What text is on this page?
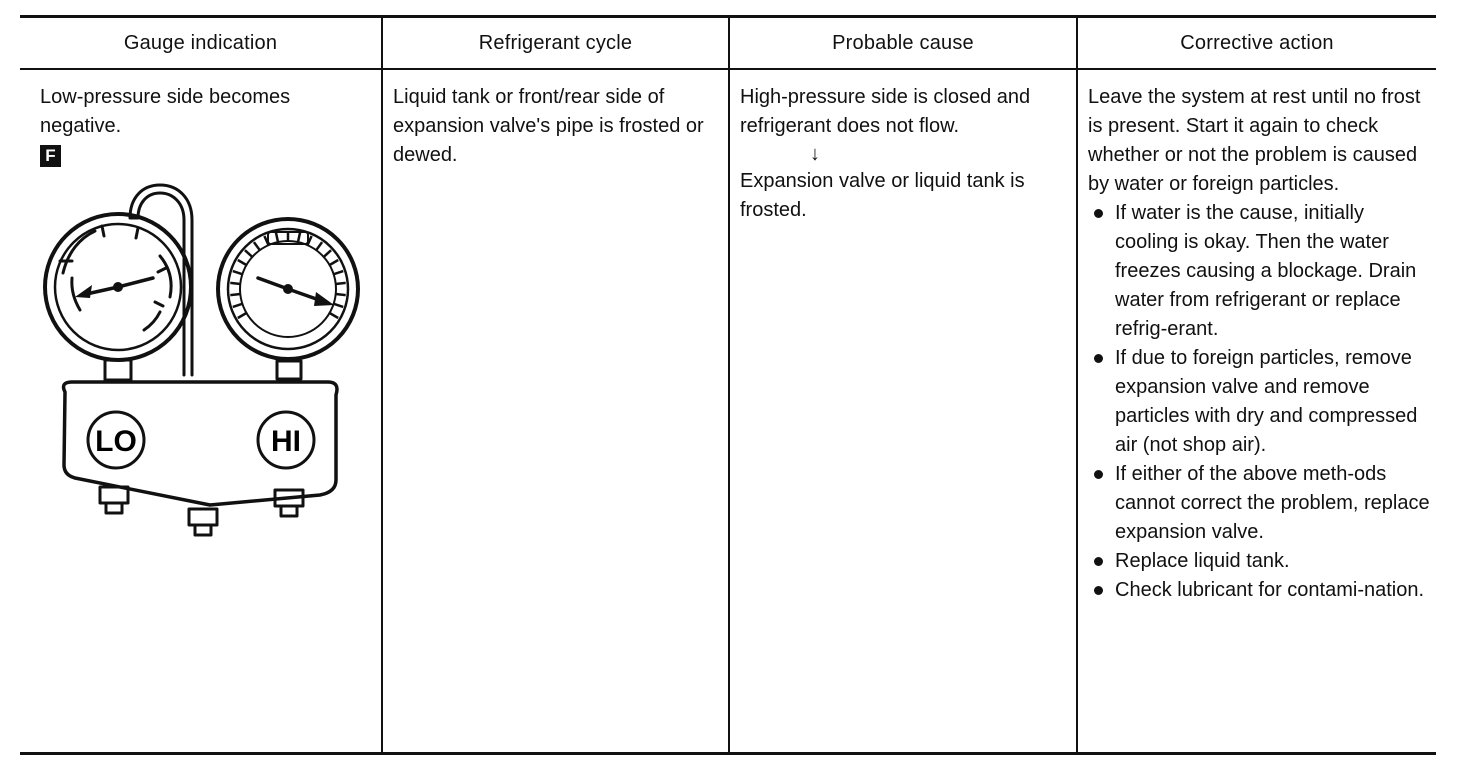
Gauge indication
Low-pressure side becomes negative.
F
Refrigerant cycle
Liquid tank or front/rear side of expansion valve's pipe is frosted or dewed.
Probable cause
High-pressure side is closed and refrigerant does not flow.
↓
Expansion valve or liquid tank is frosted.
Corrective action
Leave the system at rest until no frost is present. Start it again to check whether or not the problem is caused by water or foreign particles.
If water is the cause, initially cooling is okay. Then the water freezes causing a blockage. Drain water from refrigerant or replace refrig-erant.
If due to foreign particles, remove expansion valve and remove particles with dry and compressed air (not shop air).
If either of the above meth-ods cannot correct the problem, replace expansion valve.
Replace liquid tank.
Check lubricant for contami-nation.
LO	HI
